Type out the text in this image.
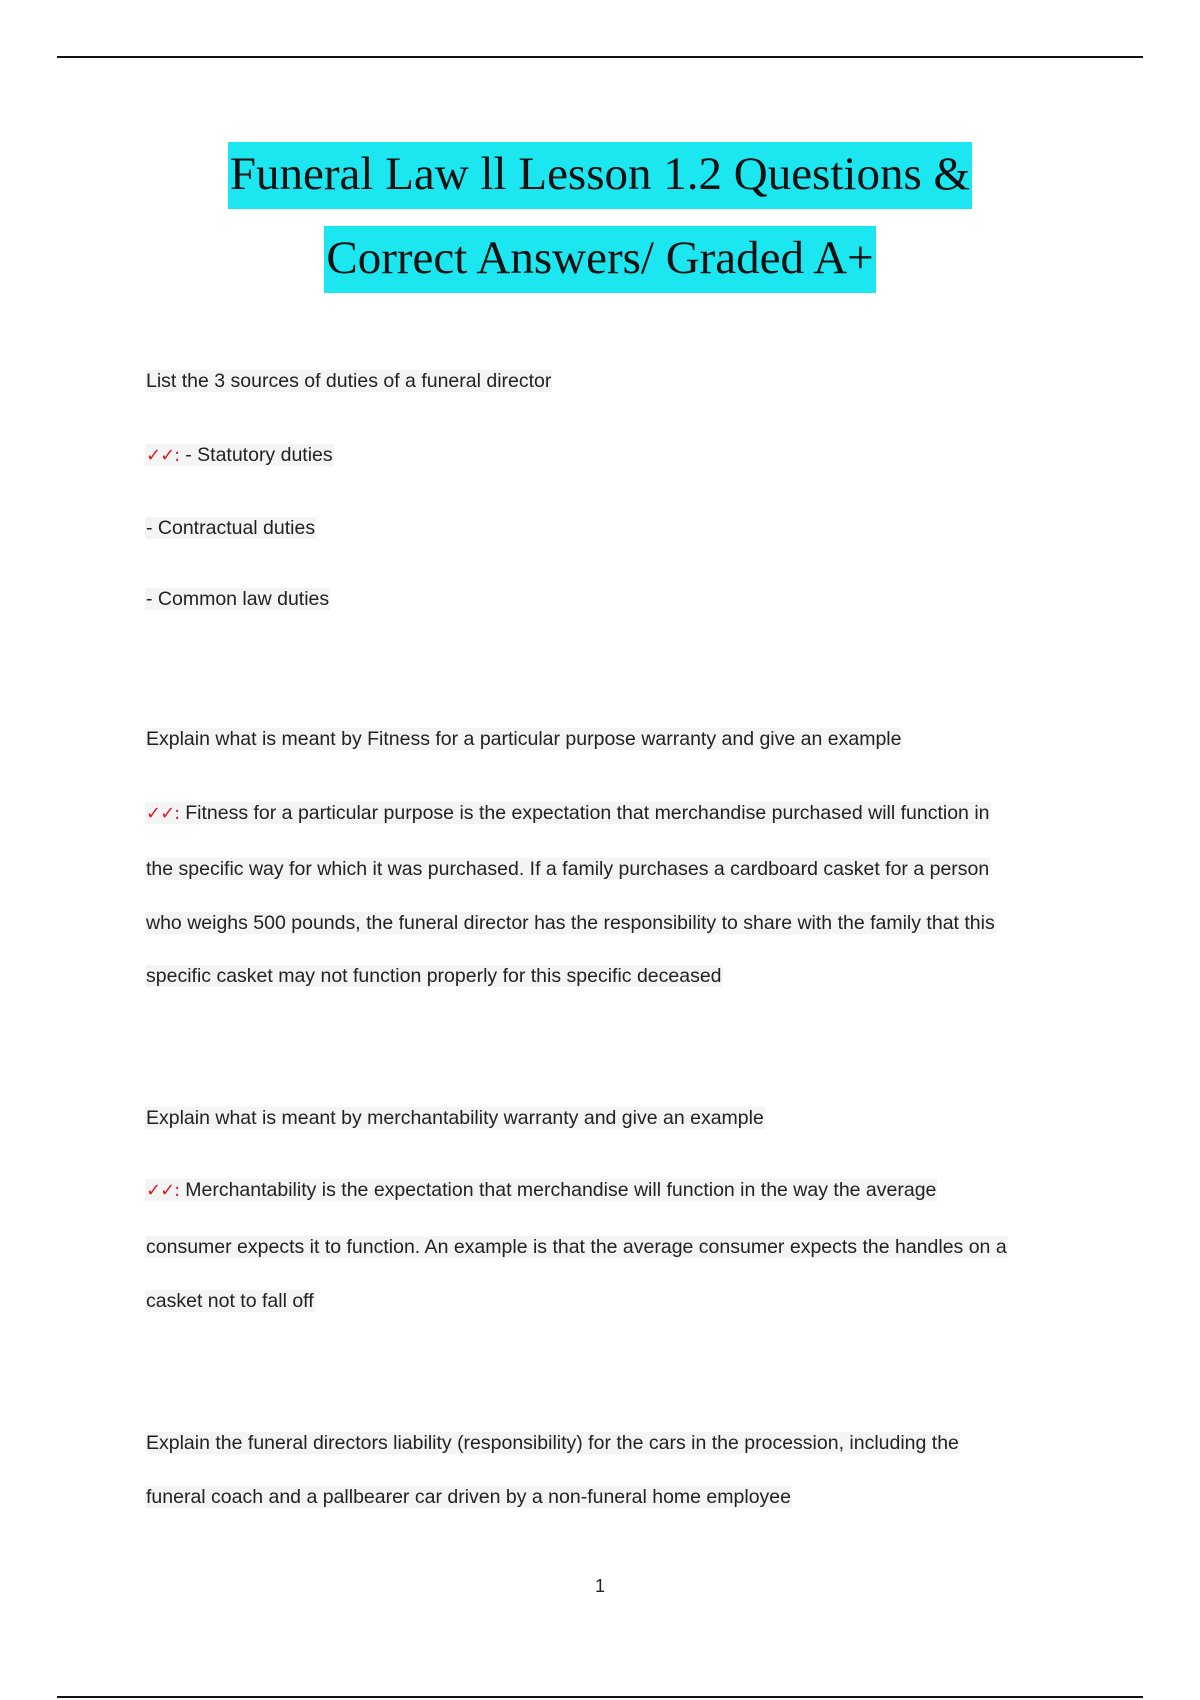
Funeral Law ll Lesson 1.2 Questions &
Correct Answers/ Graded A+
List the 3 sources of duties of a funeral director
✓✓: - Statutory duties
- Contractual duties
- Common law duties
Explain what is meant by Fitness for a particular purpose warranty and give an example
✓✓: Fitness for a particular purpose is the expectation that merchandise purchased will function in
the specific way for which it was purchased. If a family purchases a cardboard casket for a person
who weighs 500 pounds, the funeral director has the responsibility to share with the family that this
specific casket may not function properly for this specific deceased
Explain what is meant by merchantability warranty and give an example
✓✓: Merchantability is the expectation that merchandise will function in the way the average
consumer expects it to function. An example is that the average consumer expects the handles on a
casket not to fall off
Explain the funeral directors liability (responsibility) for the cars in the procession, including the
funeral coach and a pallbearer car driven by a non-funeral home employee
1
